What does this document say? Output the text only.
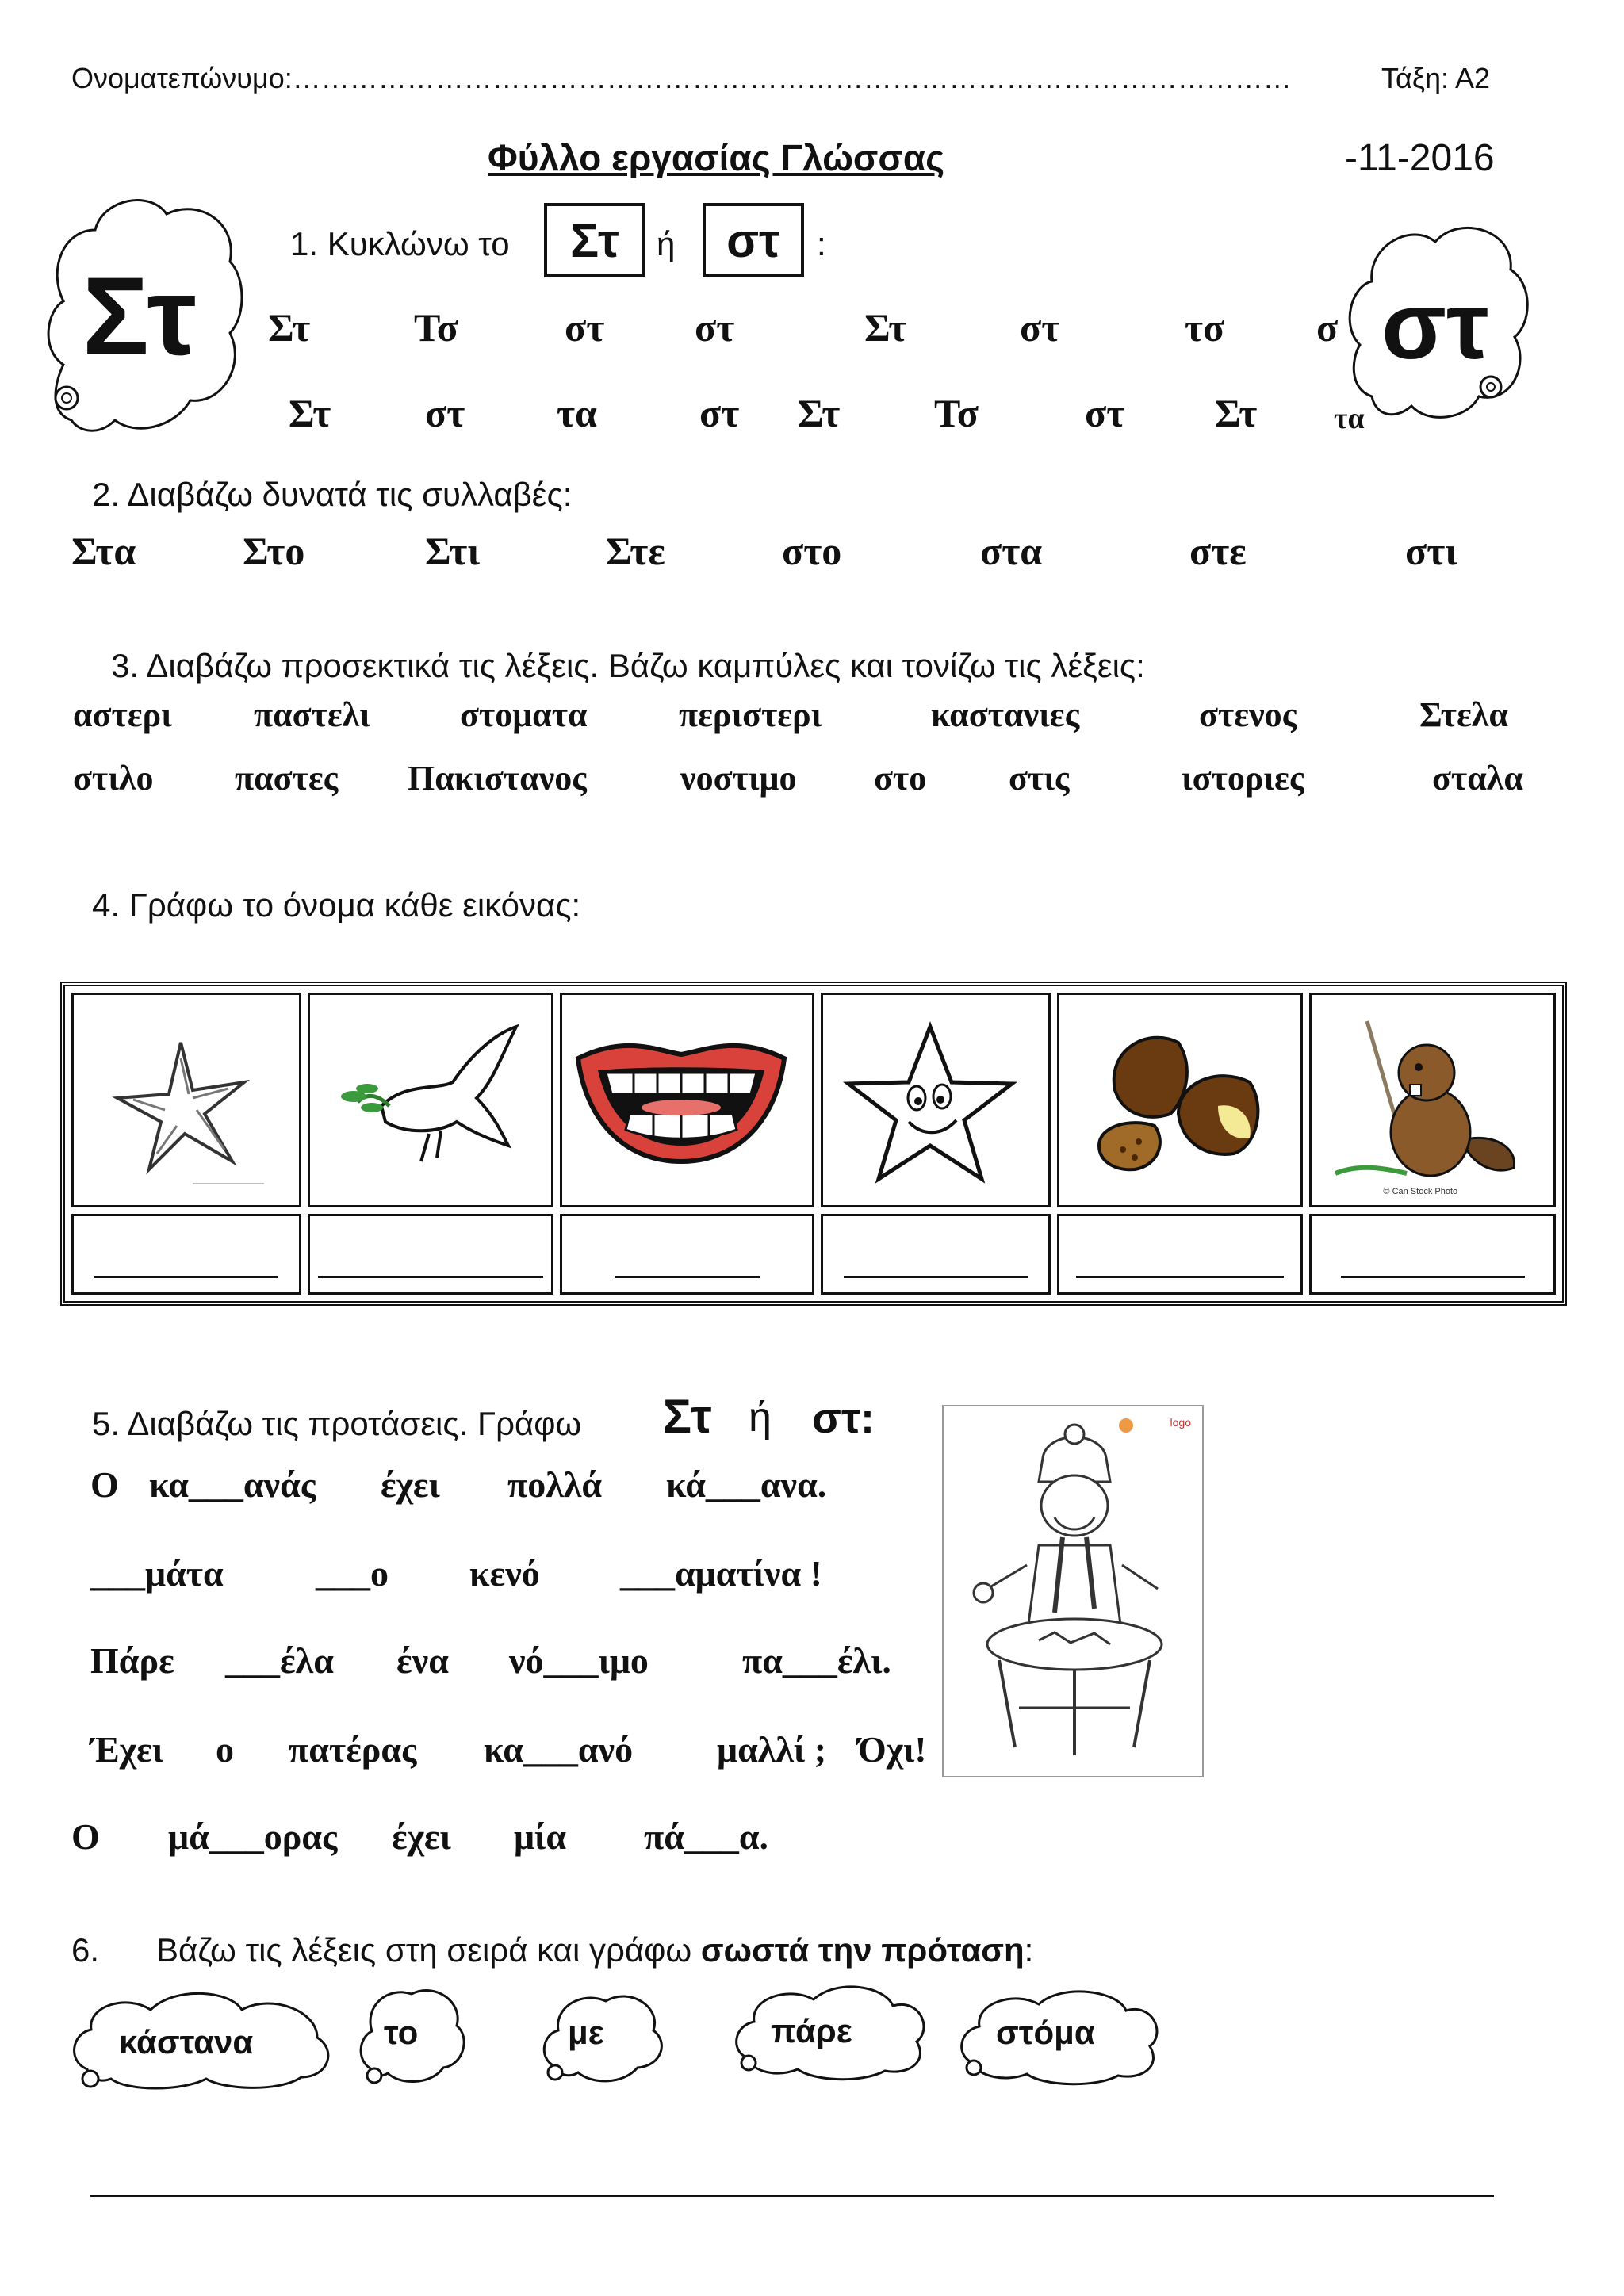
Ονοματεπώνυμο:……………………………………………………………………………………………	Τάξη: Α2
Φύλλο εργασίας Γλώσσας	-11-2016
Στ	στ
1. Κυκλώνω το Στ ή στ :
Στ	Τσ	στ στ	Στ	στ	τσ σ
Στ στ τα	στ Στ Τσ	στ Στ	τα
2. Διαβάζω δυνατά τις συλλαβές:
Στα	Στο	Στι	Στε	στο	στα	στε	στι
3. Διαβάζω προσεκτικά τις λέξεις. Βάζω καμπύλες και τονίζω τις λέξεις:
αστερι παστελι	στοματα	περιστερι	καστανιες	στενος	Στελα
στιλο παστες Πακιστανος	νοστιμο στο στις	ιστοριες	σταλα
4. Γράφω το όνομα κάθε εικόνας:

© Can Stock Photo

5. Διαβάζω τις προτάσεις. Γράφω Στ ή στ:
Ο κα___ανάς έχει πολλά κά___ανα.
___μάτα	___ο κενό ___αματίνα !
Πάρε ___έλα ένα νό___ιμο	πα___έλι.
Έχει ο πατέρας κα___ανό μαλλί ; Όχι!
Ο μά___ορας έχει μία πά___α.
logo
6. Βάζω τις λέξεις στη σειρά και γράφω σωστά την πρόταση:
κάστανα	το	με	πάρε	στόμα
